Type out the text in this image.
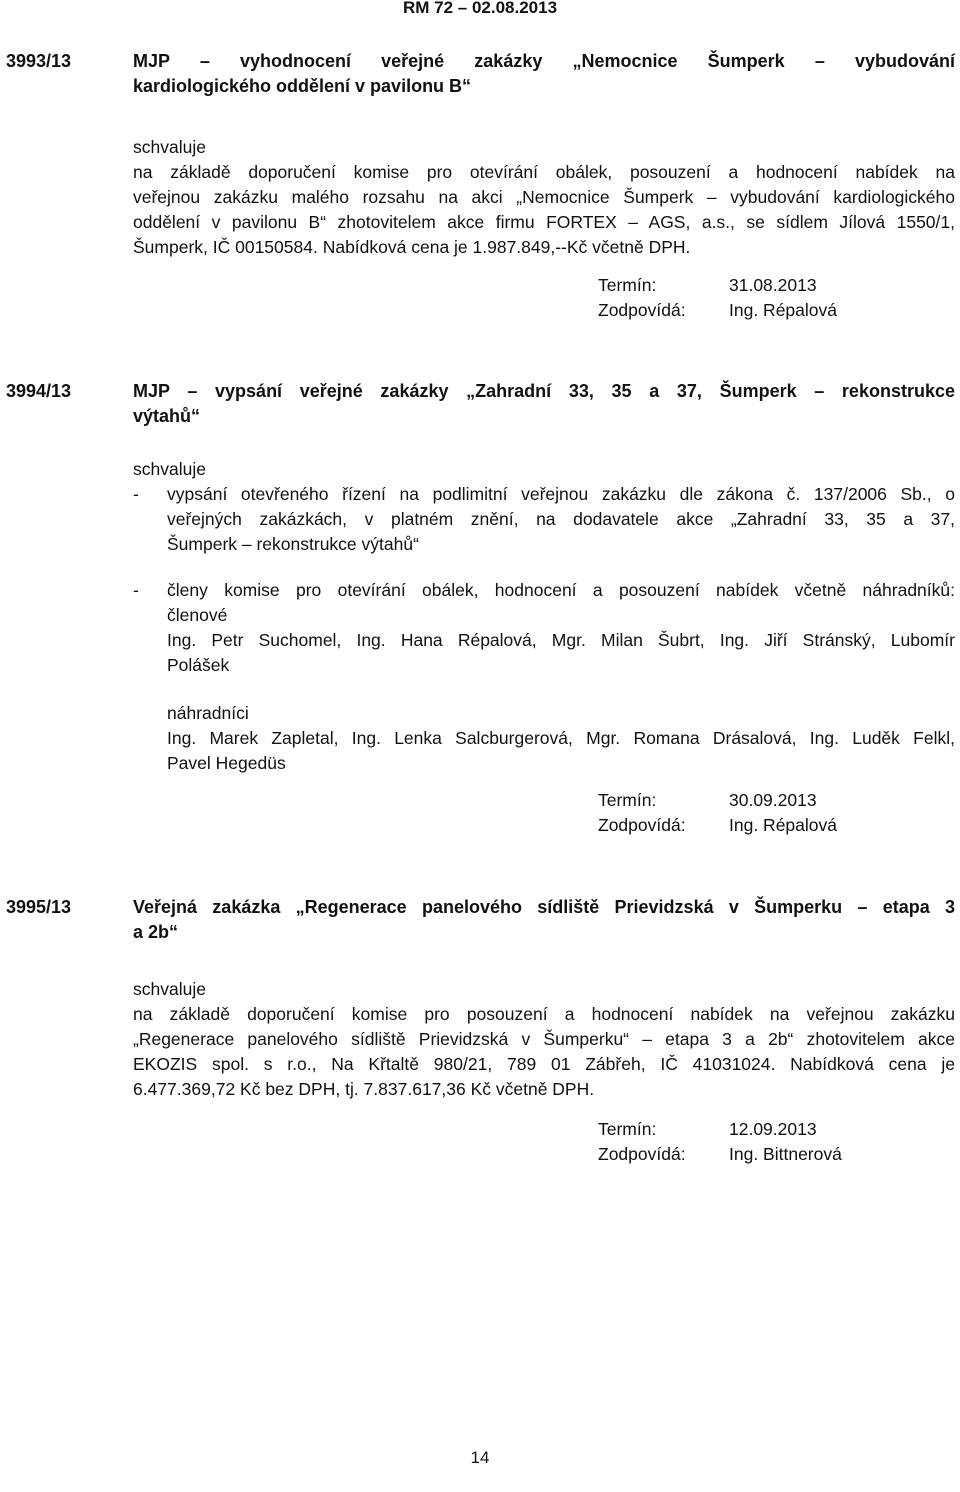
RM 72 – 02.08.2013
3993/13	MJP – vyhodnocení veřejné zakázky „Nemocnice Šumperk – vybudování
kardiologického oddělení v pavilonu B“
schvaluje
na základě doporučení komise pro otevírání obálek, posouzení a hodnocení nabídek na
veřejnou zakázku malého rozsahu na akci „Nemocnice Šumperk – vybudování kardiologického
oddělení v pavilonu B“ zhotovitelem akce firmu FORTEX – AGS, a.s., se sídlem Jílová 1550/1,
Šumperk, IČ 00150584. Nabídková cena je 1.987.849,--Kč včetně DPH.
Termín:	31.08.2013
Zodpovídá: Ing. Répalová
3994/13	MJP – vypsání veřejné zakázky „Zahradní 33, 35 a 37, Šumperk – rekonstrukce
výtahů“
schvaluje
- vypsání otevřeného řízení na podlimitní veřejnou zakázku dle zákona č. 137/2006 Sb., o
veřejných zakázkách, v platném znění, na dodavatele akce „Zahradní 33, 35 a 37,
Šumperk – rekonstrukce výtahů“
- členy komise pro otevírání obálek, hodnocení a posouzení nabídek včetně náhradníků:
členové
Ing. Petr Suchomel, Ing. Hana Répalová, Mgr. Milan Šubrt, Ing. Jiří Stránský, Lubomír
Polášek
náhradníci
Ing. Marek Zapletal, Ing. Lenka Salcburgerová, Mgr. Romana Drásalová, Ing. Luděk Felkl,
Pavel Hegedüs
Termín:	30.09.2013
Zodpovídá: Ing. Répalová
3995/13	Veřejná zakázka „Regenerace panelového sídliště Prievidzská v Šumperku – etapa 3
a 2b“
schvaluje
na základě doporučení komise pro posouzení a hodnocení nabídek na veřejnou zakázku
„Regenerace panelového sídliště Prievidzská v Šumperku“ – etapa 3 a 2b“ zhotovitelem akce
EKOZIS spol. s r.o., Na Křtaltě 980/21, 789 01 Zábřeh, IČ 41031024. Nabídková cena je
6.477.369,72 Kč bez DPH, tj. 7.837.617,36 Kč včetně DPH.
Termín:	12.09.2013
Zodpovídá: Ing. Bittnerová
14
